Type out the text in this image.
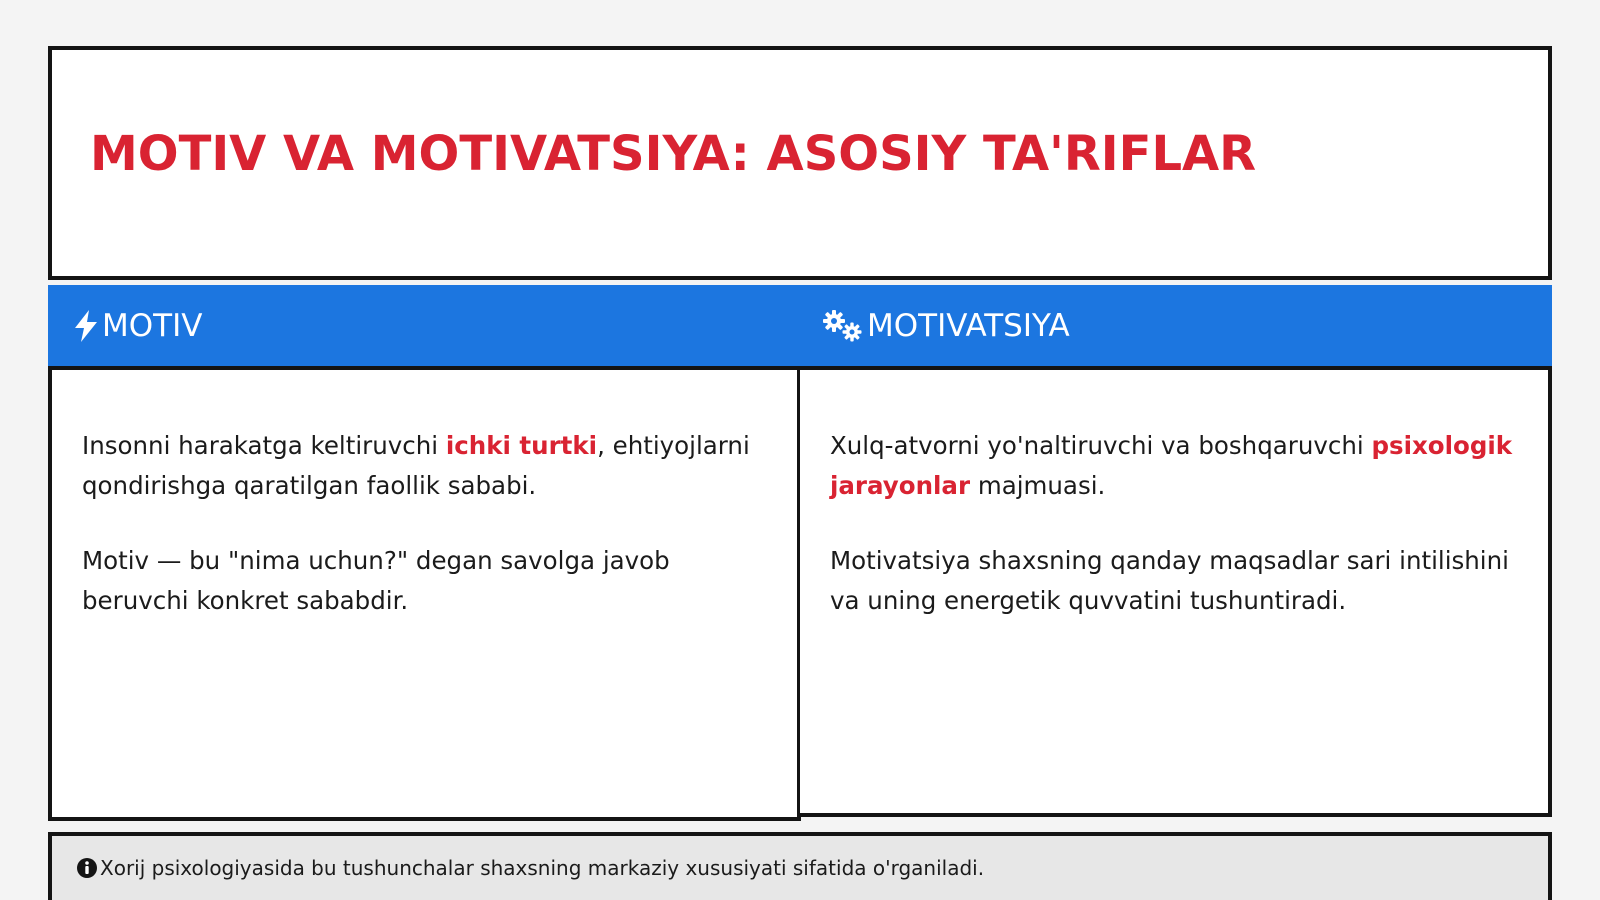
MOTIV VA MOTIVATSIYA: ASOSIY TA'RIFLAR
MOTIV

Insonni harakatga keltiruvchi ichki turtki, ehtiyojlarni qondirishga qaratilgan faollik sababi.

Motiv — bu "nima uchun?" degan savolga javob beruvchi konkret sababdir.

MOTIVATSIYA

Xulq-atvorni yo'naltiruvchi va boshqaruvchi psixologik jarayonlar majmuasi.

Motivatsiya shaxsning qanday maqsadlar sari intilishini va uning energetik quvvatini tushuntiradi.

Xorij psixologiyasida bu tushunchalar shaxsning markaziy xususiyati sifatida o'rganiladi.
